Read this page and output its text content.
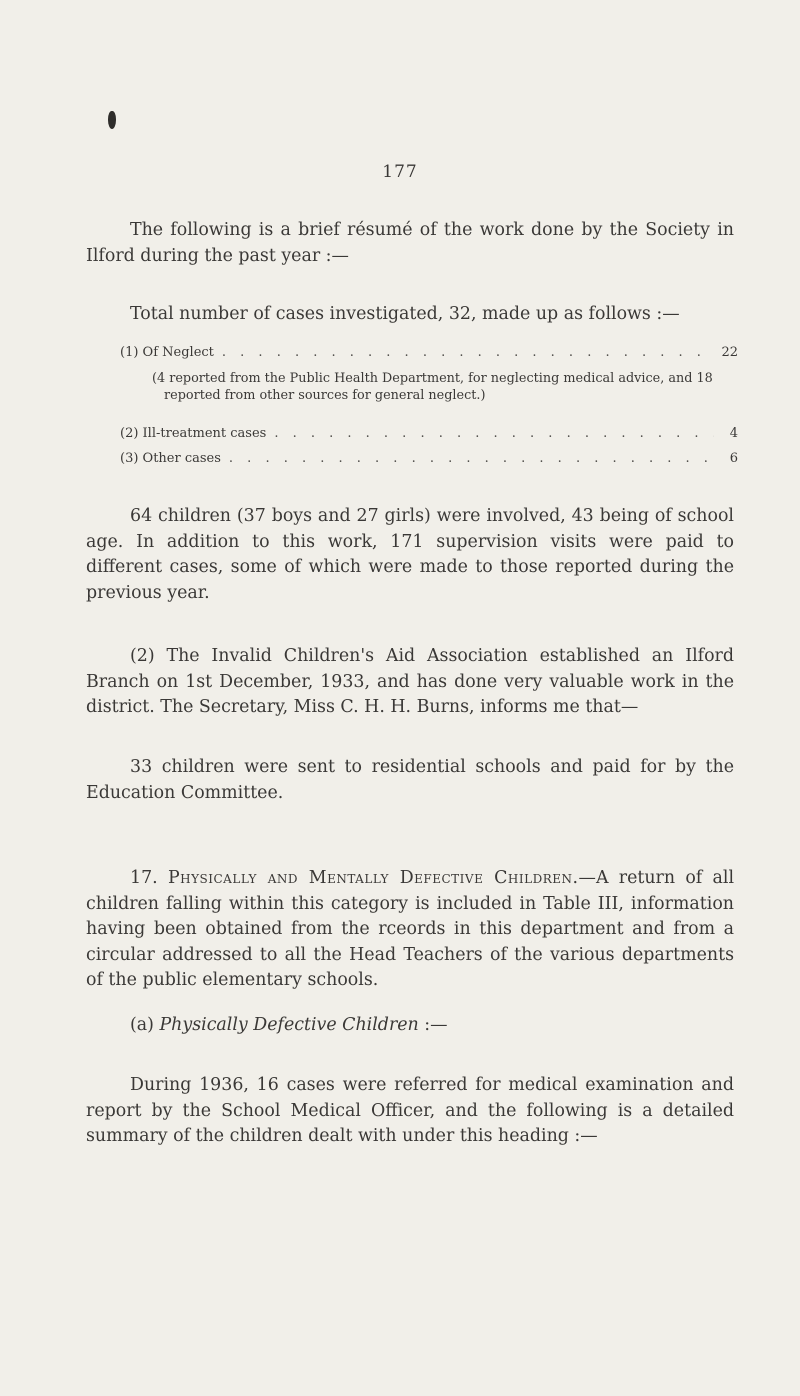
177

The following is a brief résumé of the work done by the Society in Ilford during the past year :—

Total number of cases investigated, 32, made up as follows :—

(1) Of Neglect . . .	22

(4 reported from the Public Health Department, for neglecting medical advice, and 18 reported from other sources for general neglect.)

(2) Ill-treatment cases . . .	4
(3) Other cases . . .	6

64 children (37 boys and 27 girls) were involved, 43 being of school age. In addition to this work, 171 supervision visits were paid to different cases, some of which were made to those reported during the previous year.

(2) The Invalid Children's Aid Association established an Ilford Branch on 1st December, 1933, and has done very valuable work in the district. The Secretary, Miss C. H. H. Burns, informs me that—

33 children were sent to residential schools and paid for by the Education Committee.

17. Physically and Mentally Defective Children.—A return of all children falling within this category is included in Table III, information having been obtained from the rceords in this department and from a circular addressed to all the Head Teachers of the various departments of the public elementary schools.

(a) Physically Defective Children :—

During 1936, 16 cases were referred for medical examination and report by the School Medical Officer, and the following is a detailed summary of the children dealt with under this heading :—
